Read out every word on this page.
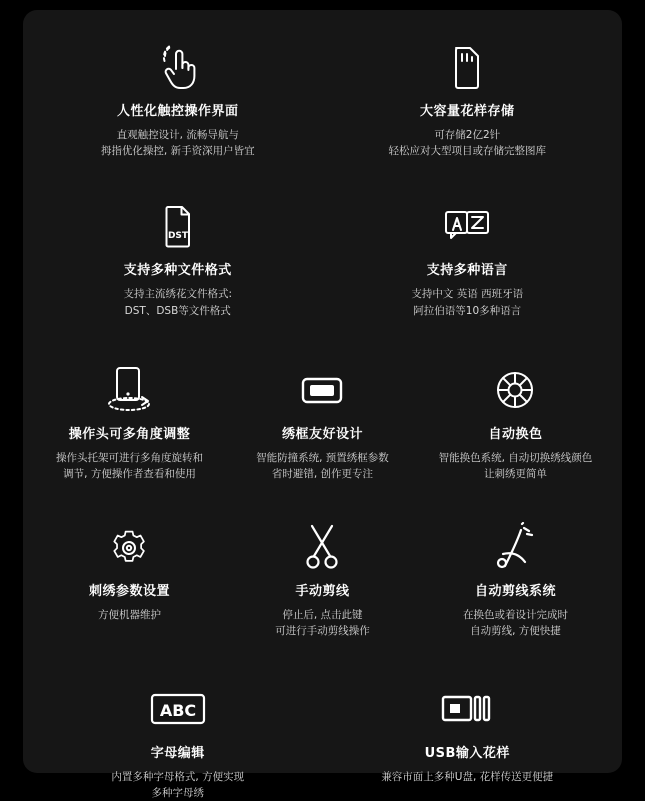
人性化触控操作界面
直观触控设计, 流畅导航与
拇指优化操控, 新手资深用户皆宜
大容量花样存储
可存储2亿2针
轻松应对大型项目或存储完整图库
DST
支持多种文件格式
支持主流绣花文件格式:
DST、DSB等文件格式
支持多种语言
支持中文 英语 西班牙语
阿拉伯语等10多种语言
操作头可多角度调整
操作头托架可进行多角度旋转和
调节, 方便操作者查看和使用
绣框友好设计
智能防撞系统, 预置绣框参数
省时避错, 创作更专注
自动换色
智能换色系统, 自动切换绣线颜色
让刺绣更简单
刺绣参数设置
方便机器维护
手动剪线
停止后, 点击此键
可进行手动剪线操作
自动剪线系统
在换色或着设计完成时
自动剪线, 方便快捷
ABC
字母编辑
内置多种字母格式, 方便实现
多种字母绣
USB输入花样
兼容市面上多种U盘, 花样传送更便捷
